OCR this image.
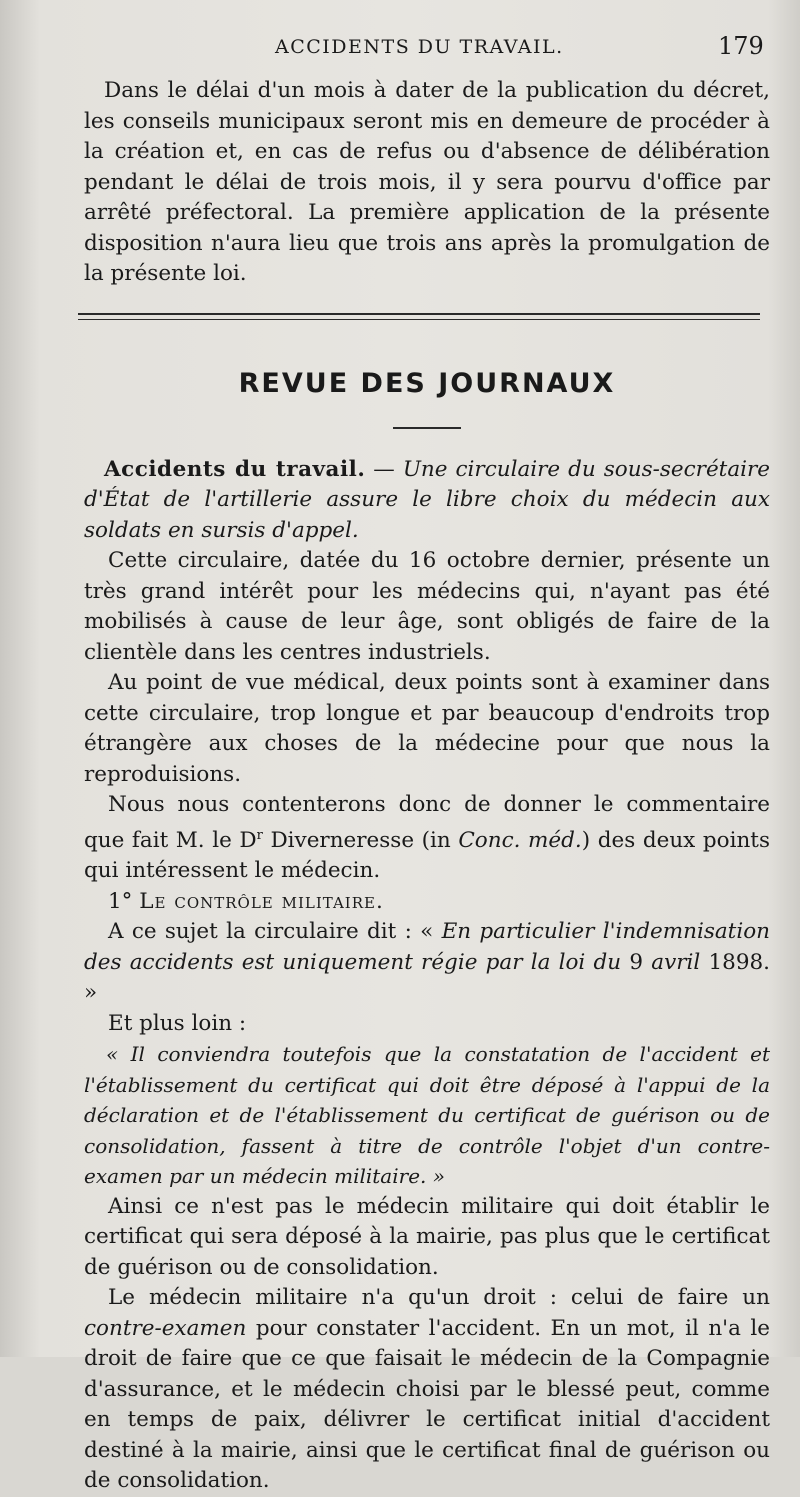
ACCIDENTS DU TRAVAIL.	179

Dans le délai d'un mois à dater de la publication du décret, les conseils municipaux seront mis en demeure de procéder à la création et, en cas de refus ou d'absence de délibération pendant le délai de trois mois, il y sera pourvu d'office par arrêté préfectoral. La première application de la présente disposition n'aura lieu que trois ans après la promulgation de la présente loi.

REVUE DES JOURNAUX
Accidents du travail. — Une circulaire du sous-secrétaire d'État de l'artillerie assure le libre choix du médecin aux soldats en sursis d'appel.

Cette circulaire, datée du 16 octobre dernier, présente un très grand intérêt pour les médecins qui, n'ayant pas été mobilisés à cause de leur âge, sont obligés de faire de la clientèle dans les centres industriels.

Au point de vue médical, deux points sont à examiner dans cette circulaire, trop longue et par beaucoup d'endroits trop étrangère aux choses de la médecine pour que nous la reproduisions.

Nous nous contenterons donc de donner le commentaire que fait M. le $D^r$ Diverneresse (in Conc. méd.) des deux points qui intéressent le médecin.

1° Le contrôle militaire.

A ce sujet la circulaire dit : « En particulier l'indemnisation des accidents est uniquement régie par la loi du 9 avril 1898. »

Et plus loin :

« Il conviendra toutefois que la constatation de l'accident et l'établissement du certificat qui doit être déposé à l'appui de la déclaration et de l'établissement du certificat de guérison ou de consolidation, fassent à titre de contrôle l'objet d'un contre-examen par un médecin militaire. »

Ainsi ce n'est pas le médecin militaire qui doit établir le certificat qui sera déposé à la mairie, pas plus que le certificat de guérison ou de consolidation.

Le médecin militaire n'a qu'un droit : celui de faire un contre-examen pour constater l'accident. En un mot, il n'a le droit de faire que ce que faisait le médecin de la Compagnie d'assurance, et le médecin choisi par le blessé peut, comme en temps de paix, délivrer le certificat initial d'accident destiné à la mairie, ainsi que le certificat final de guérison ou de consolidation.
